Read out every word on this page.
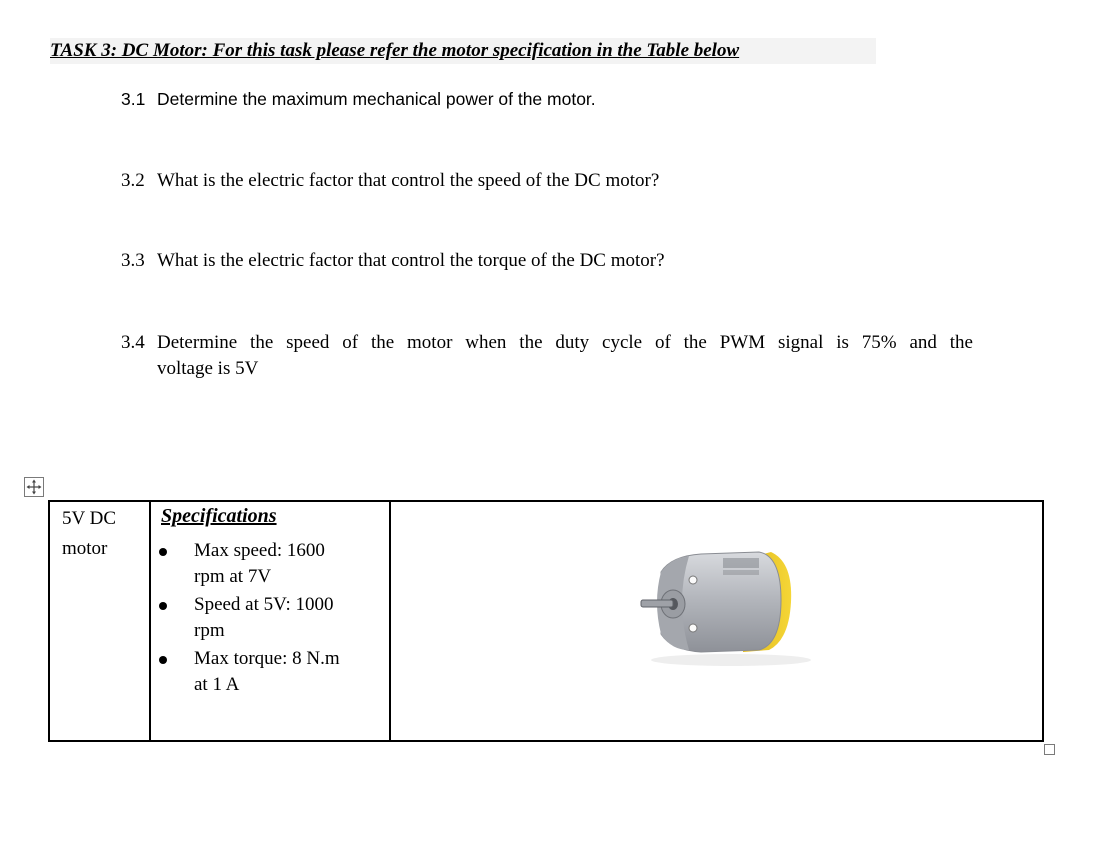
TASK 3: DC Motor: For this task please refer the motor specification in the Table below
3.1 Determine the maximum mechanical power of the motor.
3.2 What is the electric factor that control the speed of the DC motor?
3.3 What is the electric factor that control the torque of the DC motor?
3.4 Determine the speed of the motor when the duty cycle of the PWM signal is 75% and the
voltage is 5V
5V DC
motor

Specifications
Max speed: 1600
rpm at 7V
Speed at 5V: 1000
rpm
Max torque: 8 N.m
at 1 A
